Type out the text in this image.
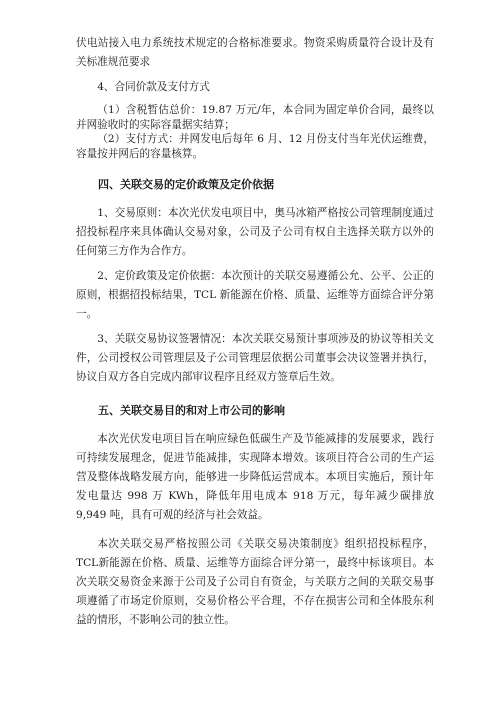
伏电站接入电力系统技术规定的合格标准要求。物资采购质量符合设计及有关标准规范要求

4、合同价款及支付方式

（1）含税暂估总价：19.87 万元/年，本合同为固定单价合同，最终以并网验收时的实际容量据实结算；

（2）支付方式：并网发电后每年 6 月、12 月份支付当年光伏运维费，容量按并网后的容量核算。

四、关联交易的定价政策及定价依据

1、交易原则：本次光伏发电项目中，奥马冰箱严格按公司管理制度通过招投标程序来具体确认交易对象，公司及子公司有权自主选择关联方以外的任何第三方作为合作方。

2、定价政策及定价依据：本次预计的关联交易遵循公允、公平、公正的原则，根据招投标结果，TCL 新能源在价格、质量、运维等方面综合评分第一。

3、关联交易协议签署情况：本次关联交易预计事项涉及的协议等相关文件，公司授权公司管理层及子公司管理层依据公司董事会决议签署并执行，协议自双方各自完成内部审议程序且经双方签章后生效。

五、关联交易目的和对上市公司的影响

本次光伏发电项目旨在响应绿色低碳生产及节能减排的发展要求，践行可持续发展理念，促进节能减排，实现降本增效。该项目符合公司的生产运营及整体战略发展方向，能够进一步降低运营成本。本项目实施后，预计年发电量达 998 万 KWh，降低年用电成本 918 万元，每年减少碳排放 9,949 吨，具有可观的经济与社会效益。

本次关联交易严格按照公司《关联交易决策制度》组织招投标程序，TCL新能源在价格、质量、运维等方面综合评分第一，最终中标该项目。本次关联交易资金来源于公司及子公司自有资金，与关联方之间的关联交易事项遵循了市场定价原则，交易价格公平合理，不存在损害公司和全体股东利益的情形，不影响公司的独立性。
